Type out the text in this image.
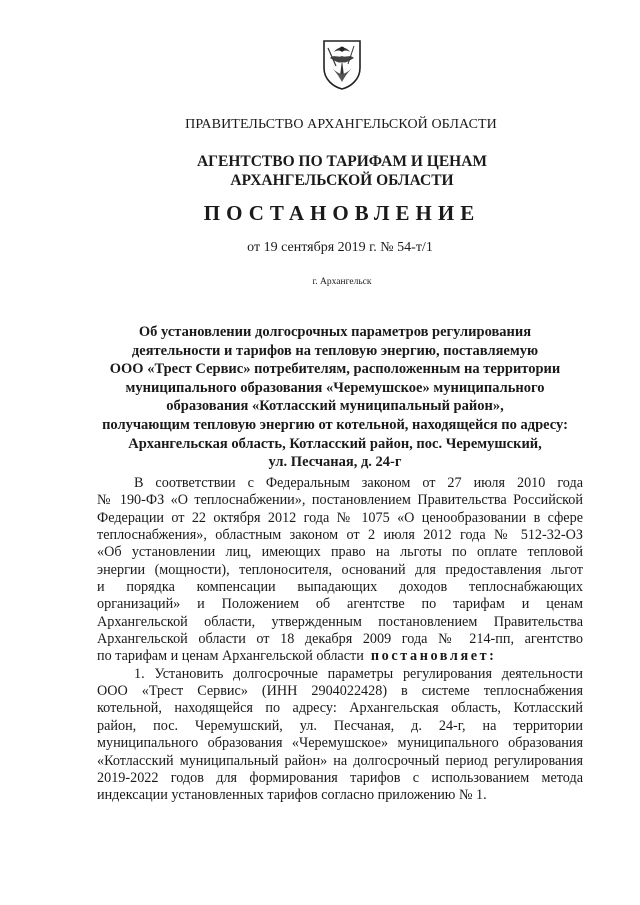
ПРАВИТЕЛЬСТВО АРХАНГЕЛЬСКОЙ ОБЛАСТИ
АГЕНТСТВО ПО ТАРИФАМ И ЦЕНАМ
АРХАНГЕЛЬСКОЙ ОБЛАСТИ
ПОСТАНОВЛЕНИЕ
от 19 сентября 2019 г. № 54-т/1
г. Архангельск
Об установлении долгосрочных параметров регулирования
деятельности и тарифов на тепловую энергию, поставляемую
ООО «Трест Сервис» потребителям, расположенным на территории
муниципального образования «Черемушское» муниципального
образования «Котласский муниципальный район»,
получающим тепловую энергию от котельной, находящейся по адресу:
Архангельская область, Котласский район, пос. Черемушский,
ул. Песчаная, д. 24-г
В соответствии с Федеральным законом от 27 июля 2010 года
№ 190-ФЗ «О теплоснабжении», постановлением Правительства Российской
Федерации от 22 октября 2012 года № 1075 «О ценообразовании в сфере
теплоснабжения», областным законом от 2 июля 2012 года № 512-32-ОЗ
«Об установлении лиц, имеющих право на льготы по оплате тепловой
энергии (мощности), теплоносителя, оснований для предоставления льгот
и порядка компенсации выпадающих доходов теплоснабжающих
организаций» и Положением об агентстве по тарифам и ценам
Архангельской области, утвержденным постановлением Правительства
Архангельской области от 18 декабря 2009 года № 214-пп, агентство
по тарифам и ценам Архангельской области постановляет:
1. Установить долгосрочные параметры регулирования деятельности
ООО «Трест Сервис» (ИНН 2904022428) в системе теплоснабжения
котельной, находящейся по адресу: Архангельская область, Котласский
район, пос. Черемушский, ул. Песчаная, д. 24-г, на территории
муниципального образования «Черемушское» муниципального образования
«Котласский муниципальный район» на долгосрочный период регулирования
2019-2022 годов для формирования тарифов с использованием метода
индексации установленных тарифов согласно приложению № 1.
